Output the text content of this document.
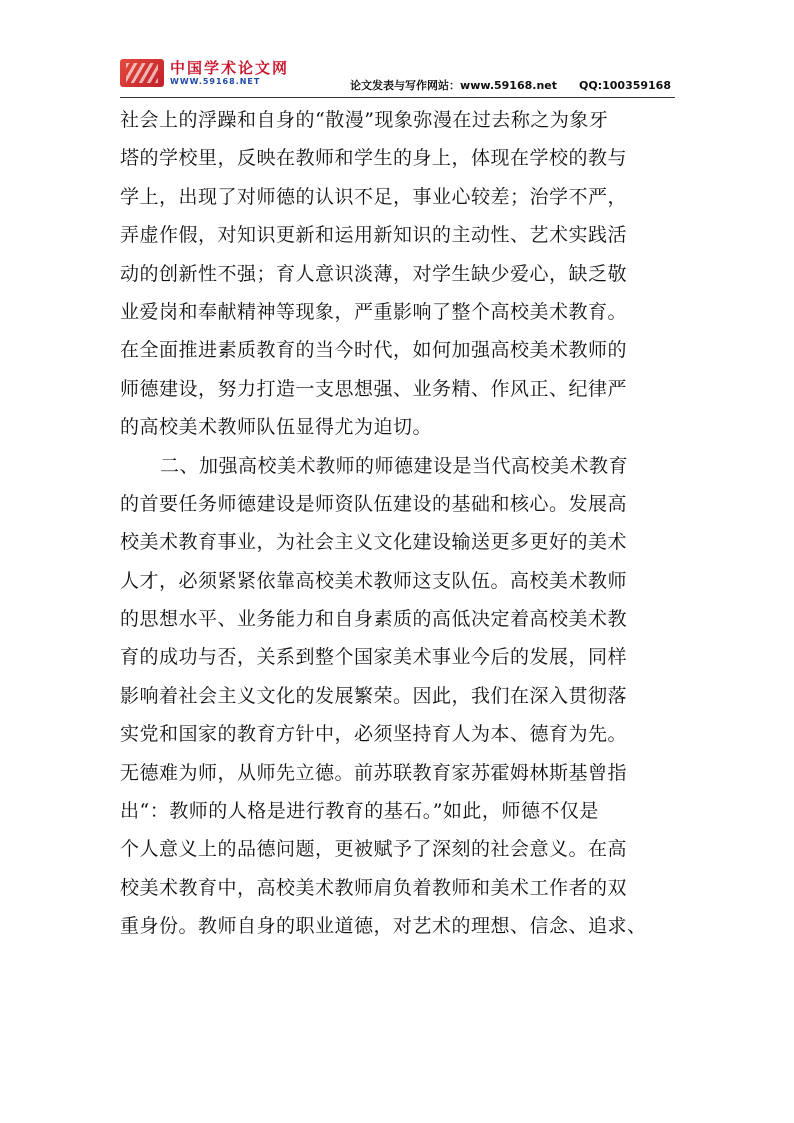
中国学术论文网
WWW.59168.NET	论文发表与写作网站：www.59168.net QQ:100359168
社会上的浮躁和自身的“散漫”现象弥漫在过去称之为象牙
塔的学校里，反映在教师和学生的身上，体现在学校的教与
学上，出现了对师德的认识不足，事业心较差；治学不严，
弄虚作假，对知识更新和运用新知识的主动性、艺术实践活
动的创新性不强；育人意识淡薄，对学生缺少爱心，缺乏敬
业爱岗和奉献精神等现象，严重影响了整个高校美术教育。
在全面推进素质教育的当今时代，如何加强高校美术教师的
师德建设，努力打造一支思想强、业务精、作风正、纪律严
的高校美术教师队伍显得尤为迫切。
二、加强高校美术教师的师德建设是当代高校美术教育
的首要任务师德建设是师资队伍建设的基础和核心。发展高
校美术教育事业，为社会主义文化建设输送更多更好的美术
人才，必须紧紧依靠高校美术教师这支队伍。高校美术教师
的思想水平、业务能力和自身素质的高低决定着高校美术教
育的成功与否，关系到整个国家美术事业今后的发展，同样
影响着社会主义文化的发展繁荣。因此，我们在深入贯彻落
实党和国家的教育方针中，必须坚持育人为本、德育为先。
无德难为师，从师先立德。前苏联教育家苏霍姆林斯基曾指
出“：教师的人格是进行教育的基石。”如此，师德不仅是
个人意义上的品德问题，更被赋予了深刻的社会意义。在高
校美术教育中，高校美术教师肩负着教师和美术工作者的双
重身份。教师自身的职业道德，对艺术的理想、信念、追求、
